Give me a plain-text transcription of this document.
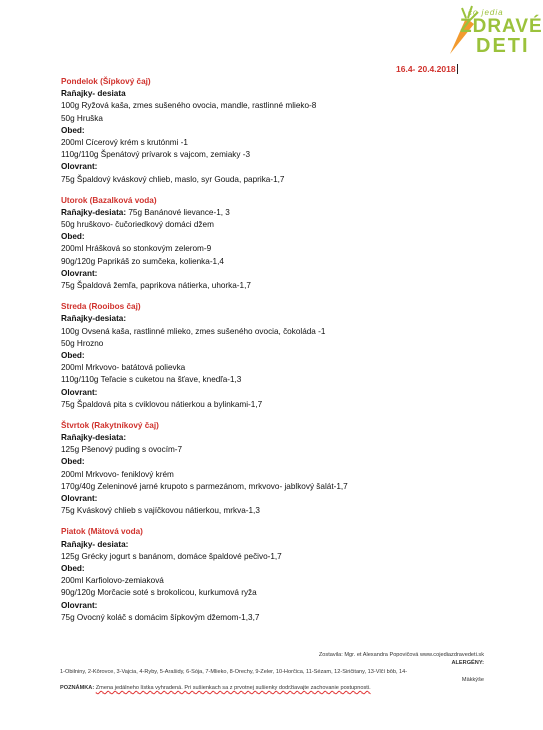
čo jedia
ZDRAVÉ
DETI
16.4- 20.4.2018
Pondelok (Šípkový čaj)
Raňajky- desiata
100g Ryžová kaša, zmes sušeného ovocia, mandle, rastlinné mlieko-8
50g Hruška
Obed:
200ml Cícerový krém s krutónmi -1
110g/110g Špenátový prívarok s vajcom, zemiaky -3
Olovrant:
75g Špaldový kváskový chlieb, maslo, syr Gouda, paprika-1,7
Utorok (Bazalková voda)
Raňajky-desiata: 75g Banánové lievance-1, 3
50g hruškovo- čučoriedkový domáci džem
Obed:
200ml Hrášková so stonkovým zelerom-9
90g/120g Paprikáš zo sumčeka, kolienka-1,4
Olovrant:
75g Špaldová žemľa, paprikova nátierka, uhorka-1,7
Streda (Rooibos čaj)
Raňajky-desiata:
100g Ovsená kaša, rastlinné mlieko, zmes sušeného ovocia, čokoláda -1
50g Hrozno
Obed:
200ml Mrkvovo- batátová polievka
110g/110g Teľacie s cuketou na šťave, knedľa-1,3
Olovrant:
75g Špaldová pita s cviklovou nátierkou a bylinkami-1,7
Štvrtok (Rakytníkový čaj)
Raňajky-desiata:
125g Pšenový puding s ovocím-7
Obed:
200ml Mrkvovo- feniklový krém
170g/40g Zeleninové jarné krupoto s parmezánom, mrkvovo- jablkový šalát-1,7
Olovrant:
75g Kváskový chlieb s vajíčkovou nátierkou, mrkva-1,3
Piatok (Mätová voda)
Raňajky- desiata:
125g Grécky jogurt s banánom, domáce špaldové pečivo-1,7
Obed:
200ml Karfiolovo-zemiaková
90g/120g Morčacie soté s brokolicou, kurkumová ryža
Olovrant:
75g Ovocný koláč s domácim šípkovým džemom-1,3,7
Zostavila: Mgr. et Alexandra Popovičová www.cojediazdravedeti.sk
ALERGÉNY:
1-Obilniny, 2-Kôrovce, 3-Vajcia, 4-Ryby, 5-Arašidy, 6-Sója, 7-Mlieko, 8-Orechy, 9-Zeler, 10-Horčica, 11-Sézam, 12-Siričitany, 13-Vlčí bôb, 14-
Mäkkýše
POZNÁMKA: Zmena jedálneho lístka vyhradená. Pri sušienkach sa z prvotnej sušienky dodržiavajte zachovanie postupnosti.
